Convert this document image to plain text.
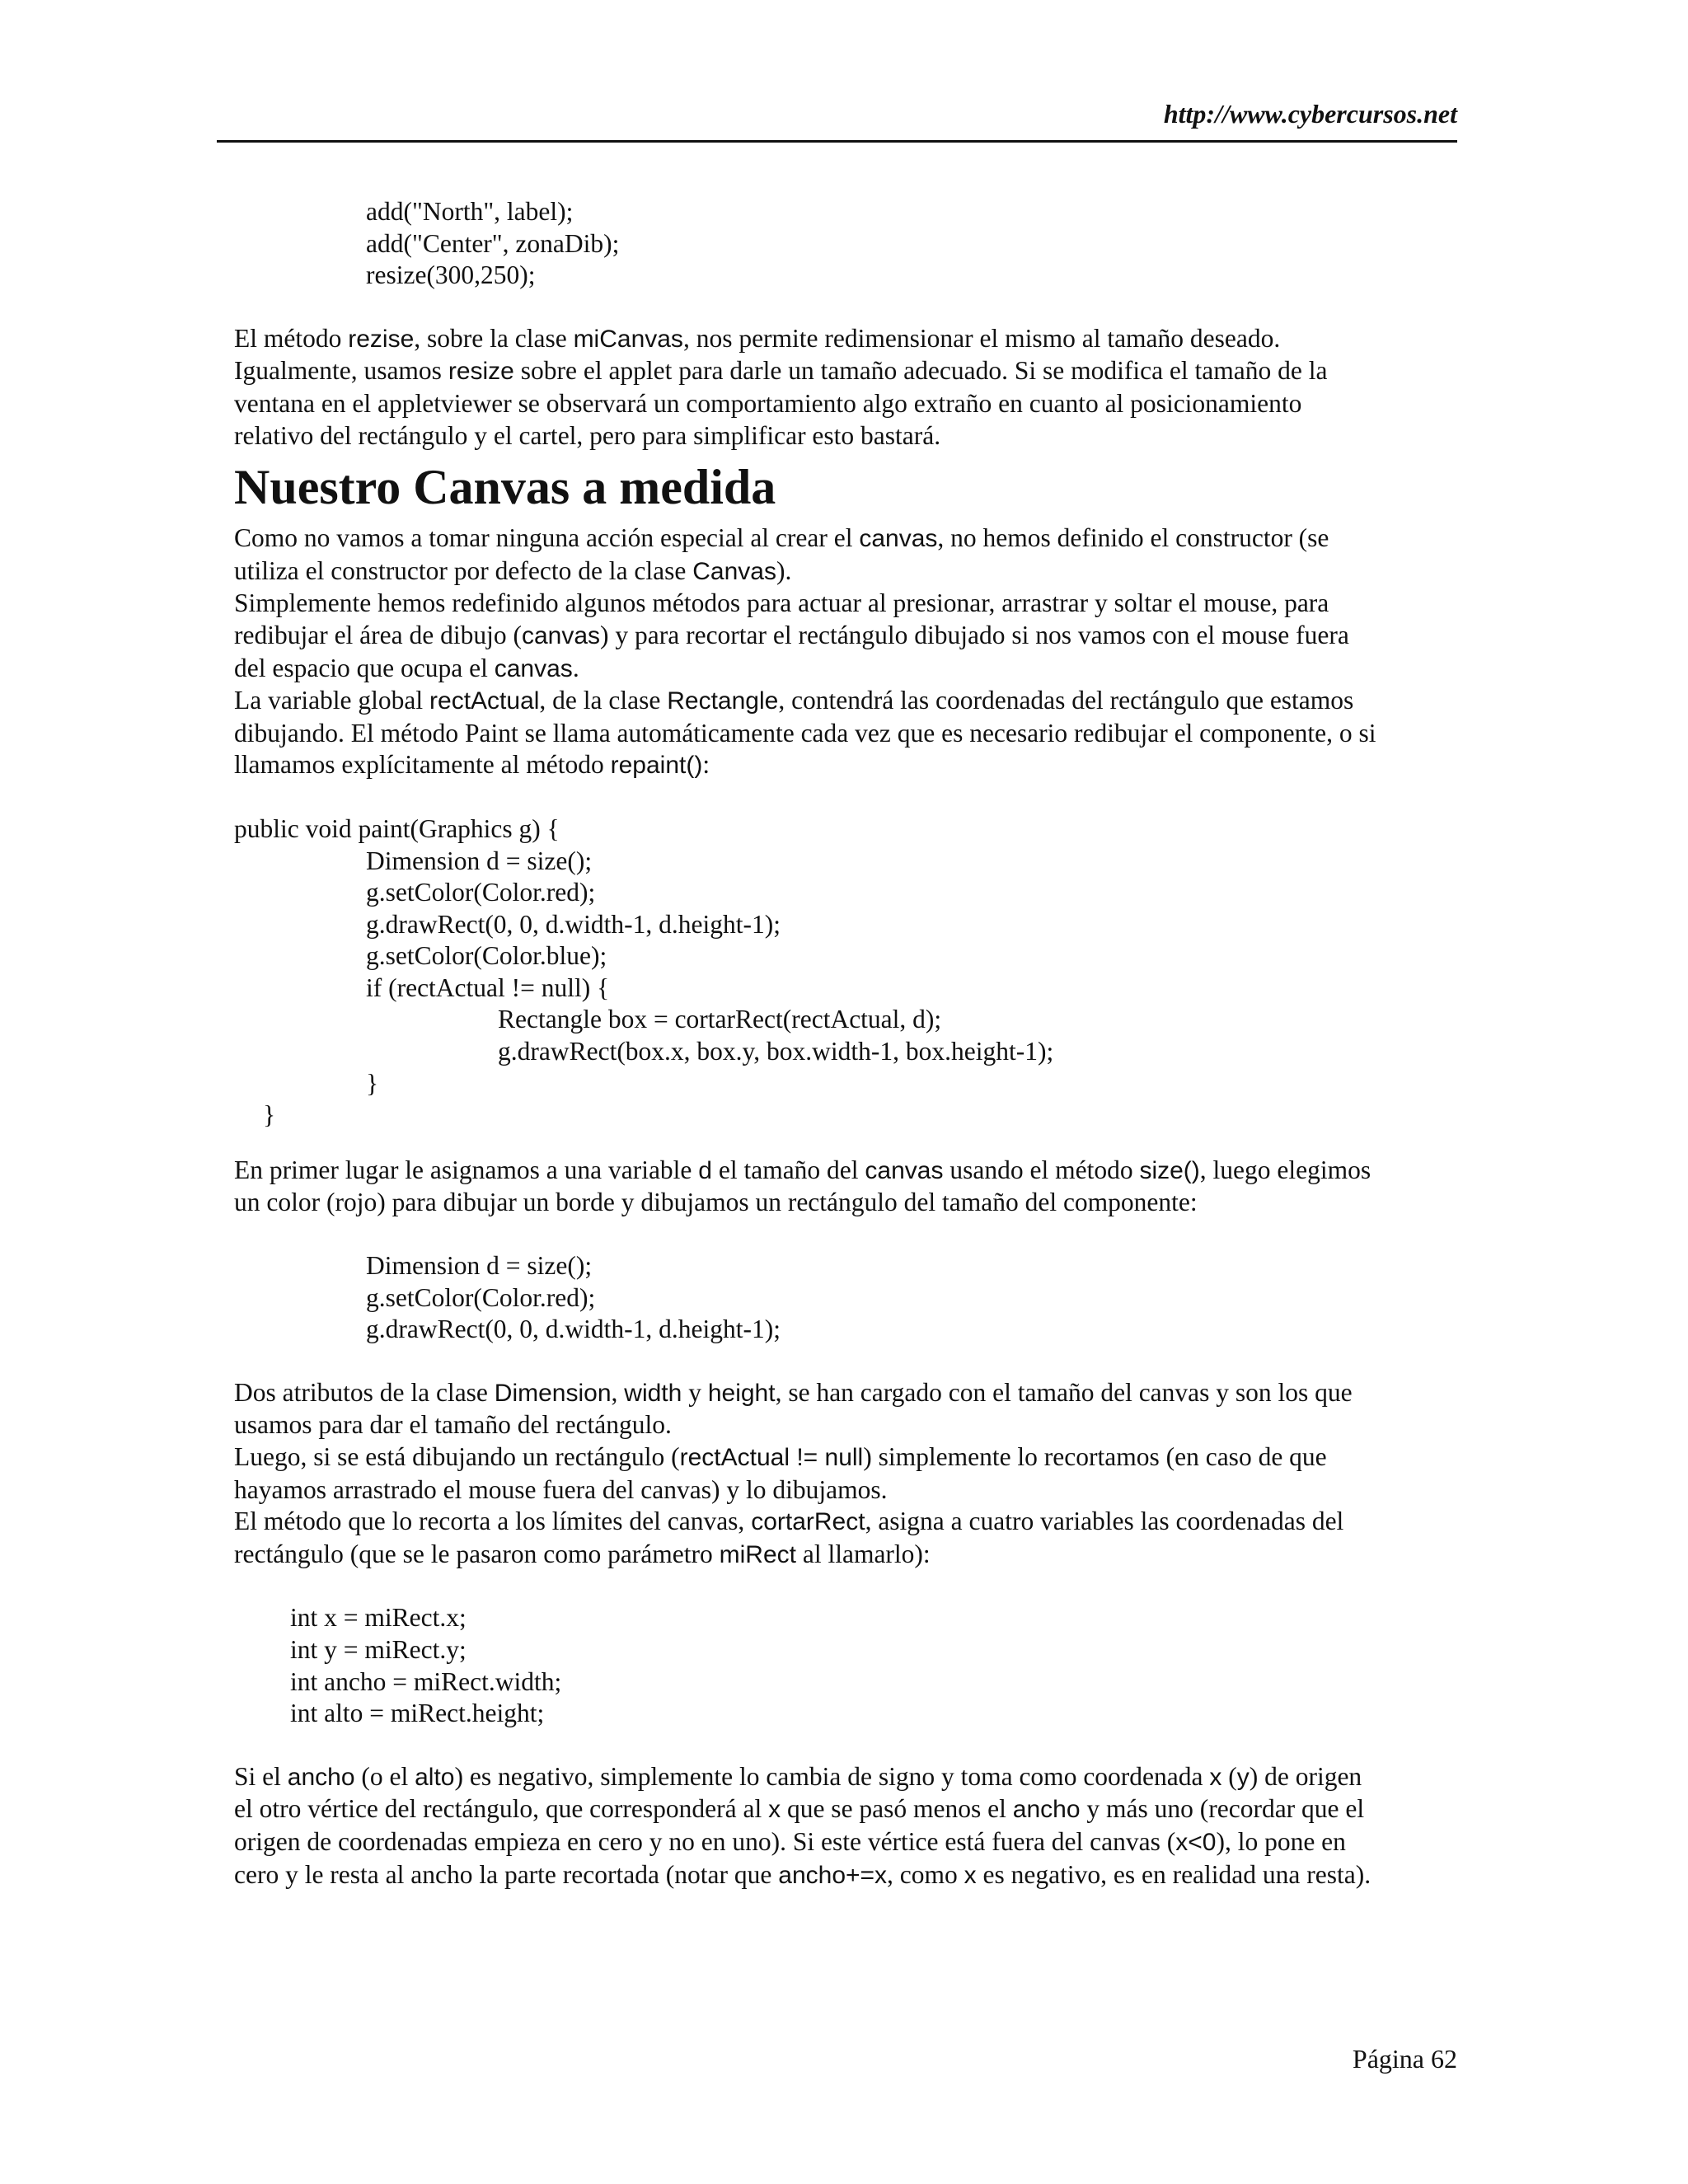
http://www.cybercursos.net

add("North", label);

add("Center", zonaDib);

resize(300,250);

El método rezise, sobre la clase miCanvas, nos permite redimensionar el mismo al tamaño deseado.

Igualmente, usamos resize sobre el applet para darle un tamaño adecuado. Si se modifica el tamaño de la

ventana en el appletviewer se observará un comportamiento algo extraño en cuanto al posicionamiento

relativo del rectángulo y el cartel, pero para simplificar esto bastará.

Nuestro Canvas a medida

Como no vamos a tomar ninguna acción especial al crear el canvas, no hemos definido el constructor (se

utiliza el constructor por defecto de la clase Canvas).

Simplemente hemos redefinido algunos métodos para actuar al presionar, arrastrar y soltar el mouse, para

redibujar el área de dibujo (canvas) y para recortar el rectángulo dibujado si nos vamos con el mouse fuera

del espacio que ocupa el canvas.

La variable global rectActual, de la clase Rectangle, contendrá las coordenadas del rectángulo que estamos

dibujando. El método Paint se llama automáticamente cada vez que es necesario redibujar el componente, o si

llamamos explícitamente al método repaint():

public void paint(Graphics g) {

Dimension d = size();

g.setColor(Color.red);

g.drawRect(0, 0, d.width-1, d.height-1);

g.setColor(Color.blue);

if (rectActual != null) {

Rectangle box = cortarRect(rectActual, d);

g.drawRect(box.x, box.y, box.width-1, box.height-1);

}

}

En primer lugar le asignamos a una variable d el tamaño del canvas usando el método size(), luego elegimos

un color (rojo) para dibujar un borde y dibujamos un rectángulo del tamaño del componente:

Dimension d = size();

g.setColor(Color.red);

g.drawRect(0, 0, d.width-1, d.height-1);

Dos atributos de la clase Dimension, width y height, se han cargado con el tamaño del canvas y son los que

usamos para dar el tamaño del rectángulo.

Luego, si se está dibujando un rectángulo (rectActual != null) simplemente lo recortamos (en caso de que

hayamos arrastrado el mouse fuera del canvas) y lo dibujamos.

El método que lo recorta a los límites del canvas, cortarRect, asigna a cuatro variables las coordenadas del

rectángulo (que se le pasaron como parámetro miRect al llamarlo):

int x = miRect.x;

int y = miRect.y;

int ancho = miRect.width;

int alto = miRect.height;

Si el ancho (o el alto) es negativo, simplemente lo cambia de signo y toma como coordenada x (y) de origen

el otro vértice del rectángulo, que corresponderá al x que se pasó menos el ancho y más uno (recordar que el

origen de coordenadas empieza en cero y no en uno). Si este vértice está fuera del canvas (x<0), lo pone en

cero y le resta al ancho la parte recortada (notar que ancho+=x, como x es negativo, es en realidad una resta).

Página 62
